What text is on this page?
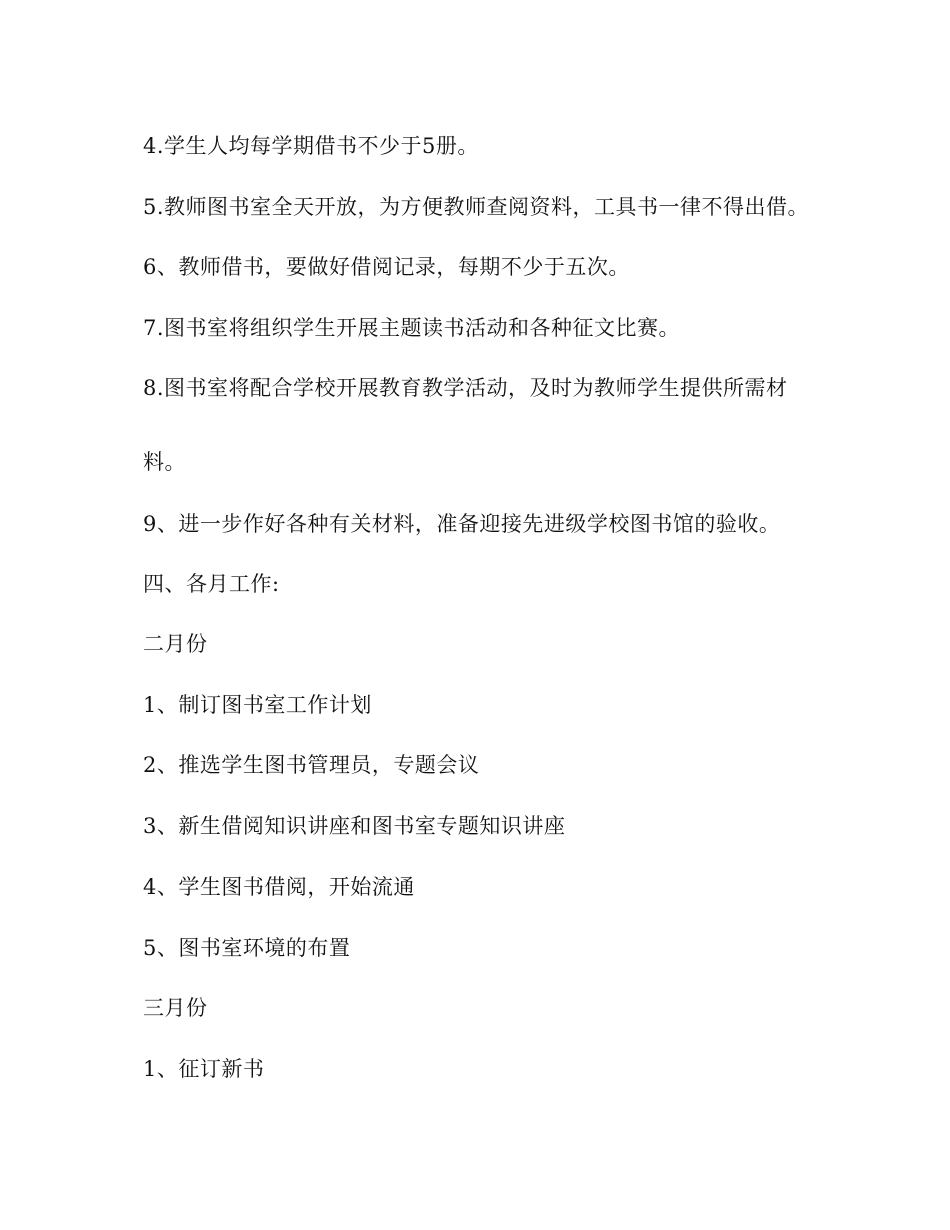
4.学生人均每学期借书不少于5册。
5.教师图书室全天开放，为方便教师查阅资料，工具书一律不得出借。
6、教师借书，要做好借阅记录，每期不少于五次。
7.图书室将组织学生开展主题读书活动和各种征文比赛。
8.图书室将配合学校开展教育教学活动，及时为教师学生提供所需材
料。
9、进一步作好各种有关材料，准备迎接先进级学校图书馆的验收。
四、各月工作:
二月份
1、制订图书室工作计划
2、推选学生图书管理员，专题会议
3、新生借阅知识讲座和图书室专题知识讲座
4、学生图书借阅，开始流通
5、图书室环境的布置
三月份
1、征订新书
